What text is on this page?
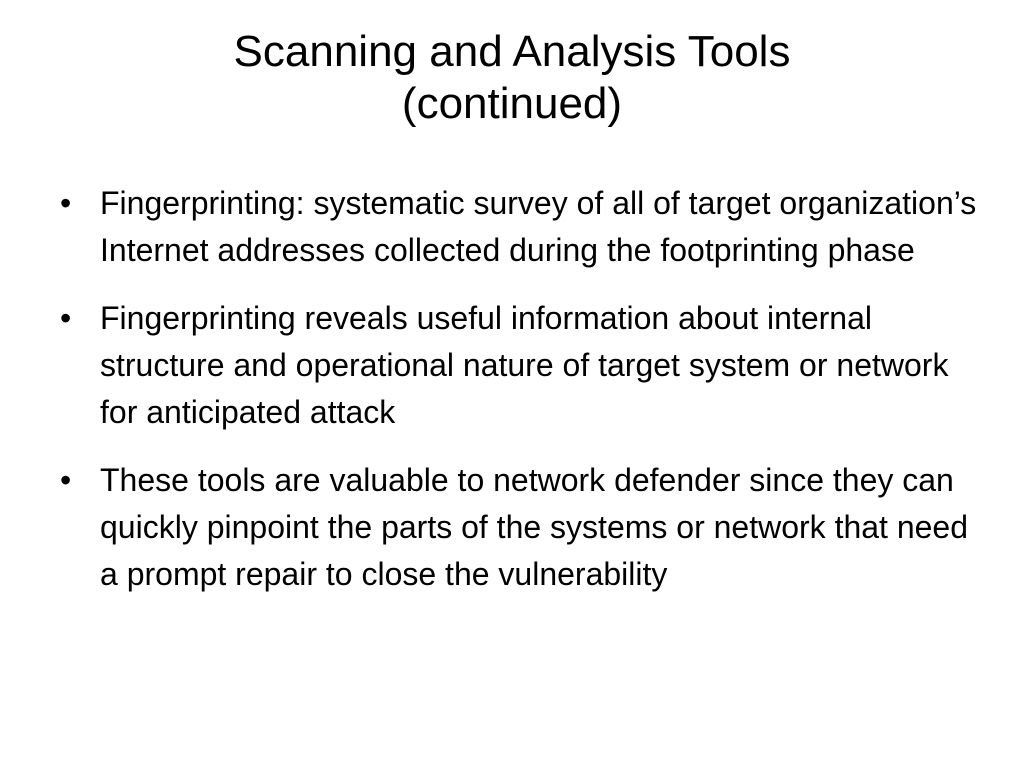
Scanning and Analysis Tools
(continued)
• Fingerprinting: systematic survey of all of target organization’s Internet addresses collected during the footprinting phase
• Fingerprinting reveals useful information about internal structure and operational nature of target system or network for anticipated attack
• These tools are valuable to network defender since they can quickly pinpoint the parts of the systems or network that need a prompt repair to close the vulnerability
